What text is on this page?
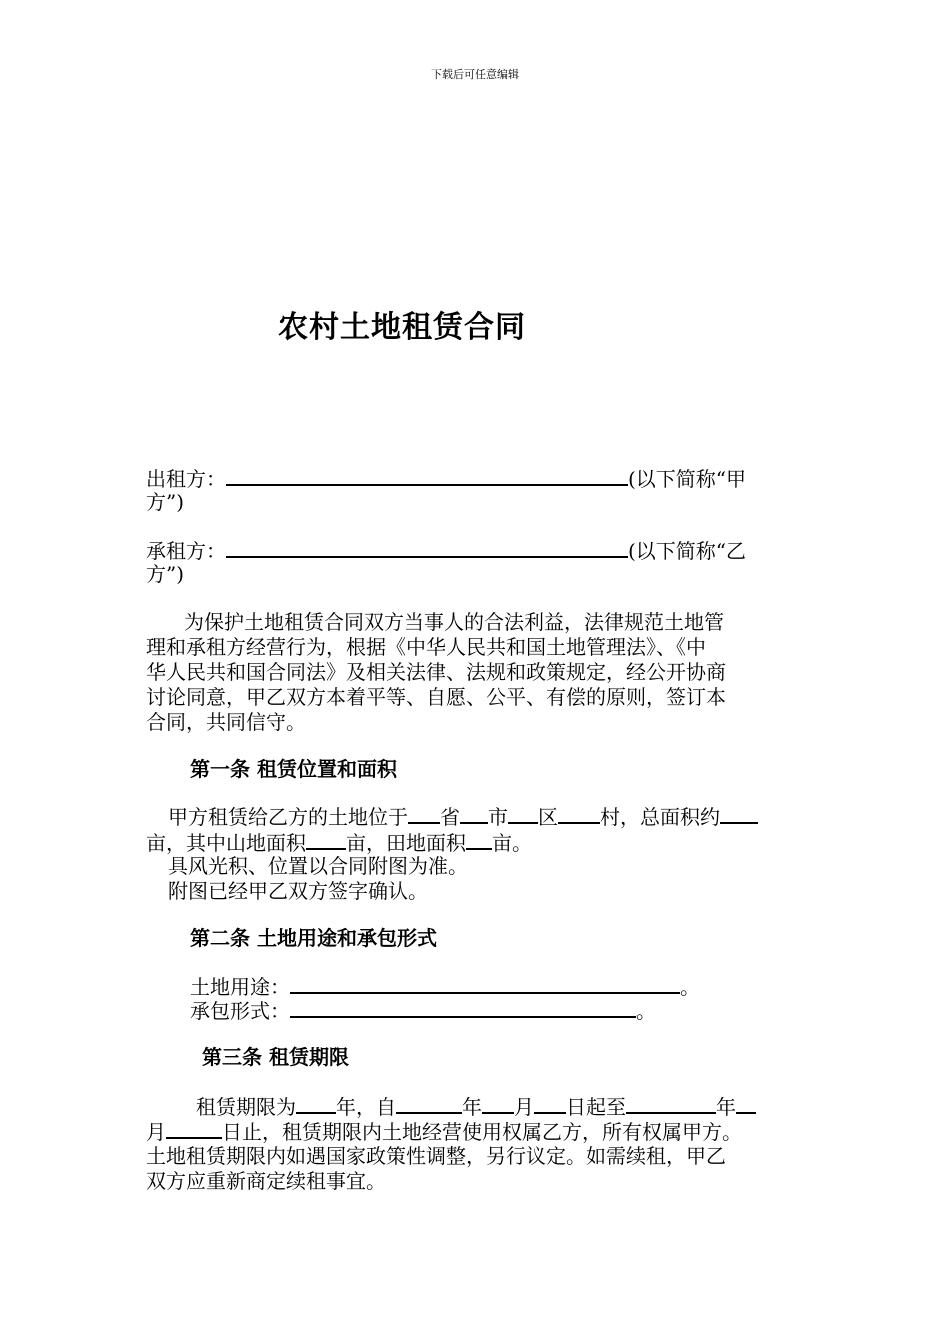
下载后可任意编辑
农村土地租赁合同
出租方：	(以下简称“甲
方”)
承租方：	(以下简称“乙
方”)
为保护土地租赁合同双方当事人的合法利益，法律规范土地管
理和承租方经营行为，根据《中华人民共和国土地管理法》、《中
华人民共和国合同法》及相关法律、法规和政策规定，经公开协商
讨论同意，甲乙双方本着平等、自愿、公平、有偿的原则，签订本
合同，共同信守。
第一条 租赁位置和面积
甲方租赁给乙方的土地位于 省 市 区 村，总面积约
亩，其中山地面积 亩，田地面积 亩。
具风光积、位置以合同附图为准。
附图已经甲乙双方签字确认。
第二条 土地用途和承包形式
土地用途：	。
承包形式：	。
第三条 租赁期限
租赁期限为 年，自	年 月 日起至	年
月	日止，租赁期限内土地经营使用权属乙方，所有权属甲方。
土地租赁期限内如遇国家政策性调整，另行议定。如需续租，甲乙
双方应重新商定续租事宜。
